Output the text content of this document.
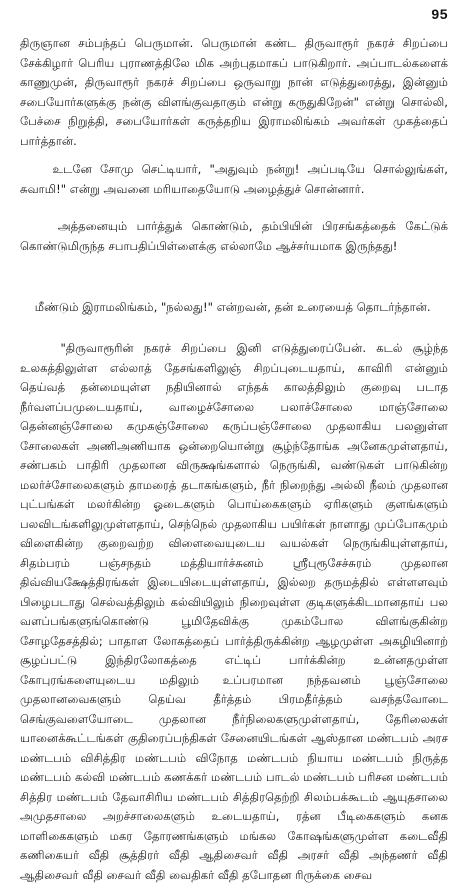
95

திருஞான சம்பந்தப் பெருமான். பெருமான் கண்ட திருவாரூர் நகரச் சிறப்பை சேக்கிழார் பெரிய புராணத்திலே மிக அற்புதமாகப் பாடுகிறார். அப்பாடல்களைக் காணுமுன், திருவாரூர் நகரச் சிறப்பை ஒருவாறு நான் எடுத்துரைத்து, இன்னும் சபையோர்களுக்கு நன்கு விளங்குவதாகும் என்று கருதுகிறேன்" என்று சொல்லி, பேச்சை நிறுத்தி, சபையோர்கள் கருத்தறிய இராமலிங்கம் அவர்கள் முகத்தைப் பார்த்தான்.

உடனே சோமு செட்டியார், "அதுவும் நன்று! அப்படியே சொல்லுங்கள், சுவாமி!" என்று அவனை மரியாதையோடு அழைத்துச் சொன்னார்.

அத்தனையும் பார்த்துக் கொண்டும், தம்பியின் பிரசங்கத்தைக் கேட்டுக் கொண்டுமிருந்த சபாபதிப்பிள்ளைக்கு எல்லாமே ஆச்சர்யமாக இருந்தது!

மீண்டும் இராமலிங்கம், "நல்லது!" என்றவன், தன் உரையைத் தொடர்ந்தான்.

"திருவாரூரின் நகரச் சிறப்பை இனி எடுத்துரைப்பேன். கடல் சூழ்ந்த உலகத்திலுள்ள எல்லாத் தேசங்களிலுஞ் சிறப்புடையதாய், காவிரி என்னும் தெய்வத் தன்மையுள்ள நதியினால் எந்தக் காலத்திலும் குறைவு படாத நீர்வளப்பமுடையதாய், வாழைச்சோலை பலாச்சோலை மாஞ்சோலை தென்னஞ்சோலை கமுகஞ்சோலை கருப்பஞ்சோலை முதலாகிய பலனுள்ள சோலைகள் அணிஅணியாக ஒன்றையொன்று சூழ்ந்தோங்க அனேகமுள்ளதாய், சண்பகம் பாதிரி முதலான விருக்ஷங்களால் நெருங்கி, வண்டுகள் பாடுகின்ற மலர்ச்சோலைகளும் தாமரைத் தடாகங்களும், நீர் நிறைந்து அல்லி நீலம் முதலான புட்பங்கள் மலர்கின்ற ஓடைகளும் பொய்கைகளும் ஏரிகளும் குளங்களும் பலவிடங்களிலுமுள்ளதாய், செந்நெல் முதலாகிய பயிர்கள் நாளாது முப்போகமும் விளைகின்ற குறைவற்ற விளைவையுடைய வயல்கள் நெருங்கியுள்ளதாய், சிதம்பரம் பஞ்சநதம் மத்தியார்ச்சுனம் ஸ்ரீபுரூசேச்சுரம் முதலான திவ்வியக்ஷேத்திரங்கள் இடையிடையுள்ளதாய், இல்லற தருமத்தில் எள்ளளவும் பிழைபடாது செல்வத்திலும் கல்வியிலும் நிறைவுள்ள குடிகளுக்கிடமானதாய் பல வளப்பங்களுங்கொண்டு பூமிதேவிக்கு முகம்போல விளங்குகின்ற சோழதேசத்தில்; பாதாள லோகத்தைப் பார்த்திருக்கின்ற ஆழமுள்ள அகழியினாற் சூழப்பட்டு இந்திரலோகத்தை எட்டிப் பார்க்கின்ற உன்னதமுள்ள கோபுரங்களையுடைய மதிலும் உப்பரமான நந்தவனம் பூஞ்சோலை முதலானவைகளும் தெய்வ தீர்த்தம் பிரமதீர்த்தம் வசந்தவோடை செங்குவளையோடை முதலான நீர்நிலைகளுமுள்ளதாய், தேரிலைகள் யானைக்கூட்டங்கள் குதிரைப்பந்திகள் சேனையிடங்கள் ஆஸ்தான மண்டபம் அரச மண்டபம் விசித்திர மண்டபம் விநோத மண்டபம் நியாய மண்டபம் நிருத்த மண்டபம் கல்வி மண்டபம் கணக்கர் மண்டபம் பாடல் மண்டபம் பரிசன மண்டபம் சித்திர மண்டபம் தேவாசிரிய மண்டபம் சித்திரதெற்றி சிலம்பக்கூடம் ஆயுதசாலை அமுதசாலை அறச்சாலைகளும் உடையதாய், ரத்ன பீடிகைகளும் கனக மாளிகைகளும் மகர தோரணங்களும் மங்கல கோஷங்களுமுள்ள கடைவீதி கணிகையர் வீதி சூத்திரர் வீதி ஆதிசைவர் வீதி அரசர் வீதி அந்தணர் வீதி ஆதிசைவர் வீதி சைவர் வீதி வைதிகர் வீதி தபோதன ரிருக்கை சைவ
